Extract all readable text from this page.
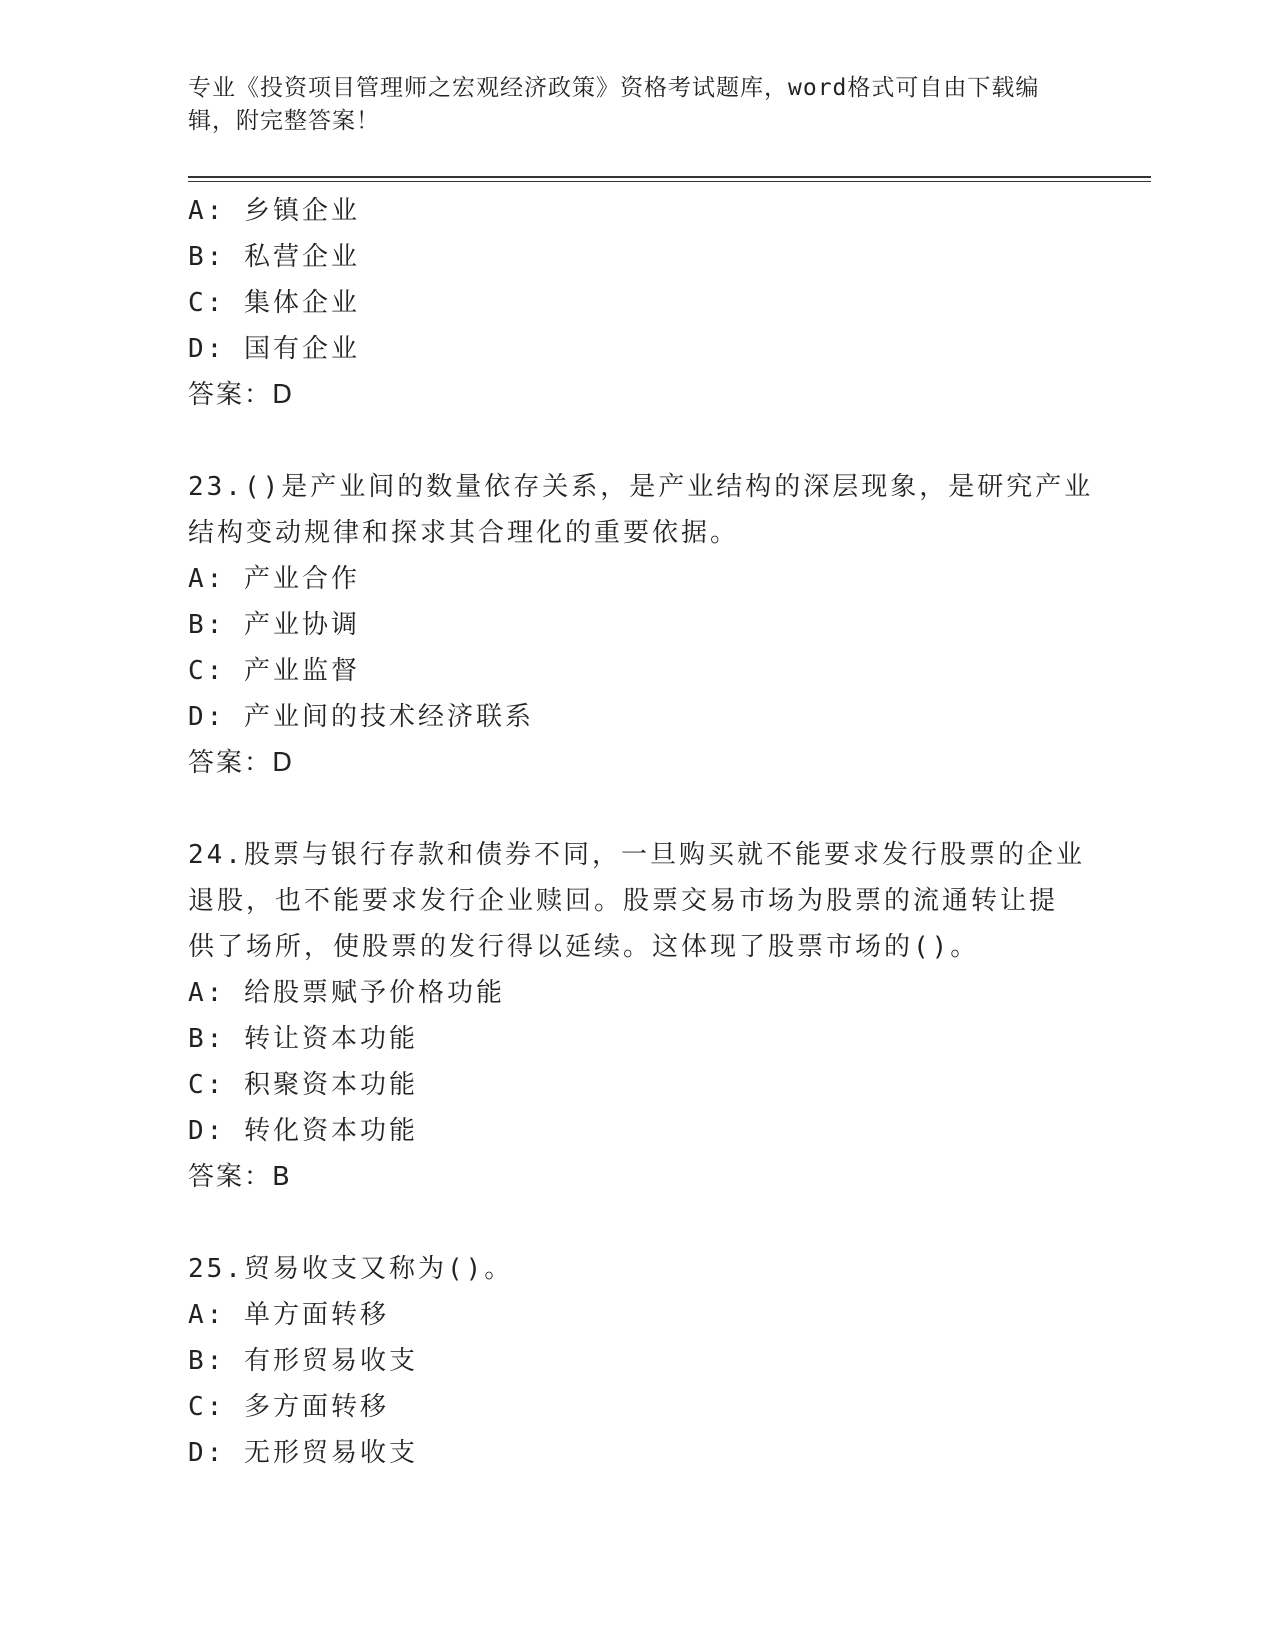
专业《投资项目管理师之宏观经济政策》资格考试题库，word格式可自由下载编
辑，附完整答案！
A: 乡镇企业
B: 私营企业
C: 集体企业
D: 国有企业
答案：D
23.()是产业间的数量依存关系，是产业结构的深层现象，是研究产业
结构变动规律和探求其合理化的重要依据。
A: 产业合作
B: 产业协调
C: 产业监督
D: 产业间的技术经济联系
答案：D
24.股票与银行存款和债券不同，一旦购买就不能要求发行股票的企业
退股，也不能要求发行企业赎回。股票交易市场为股票的流通转让提
供了场所，使股票的发行得以延续。这体现了股票市场的()。
A: 给股票赋予价格功能
B: 转让资本功能
C: 积聚资本功能
D: 转化资本功能
答案：B
25.贸易收支又称为()。
A: 单方面转移
B: 有形贸易收支
C: 多方面转移
D: 无形贸易收支
